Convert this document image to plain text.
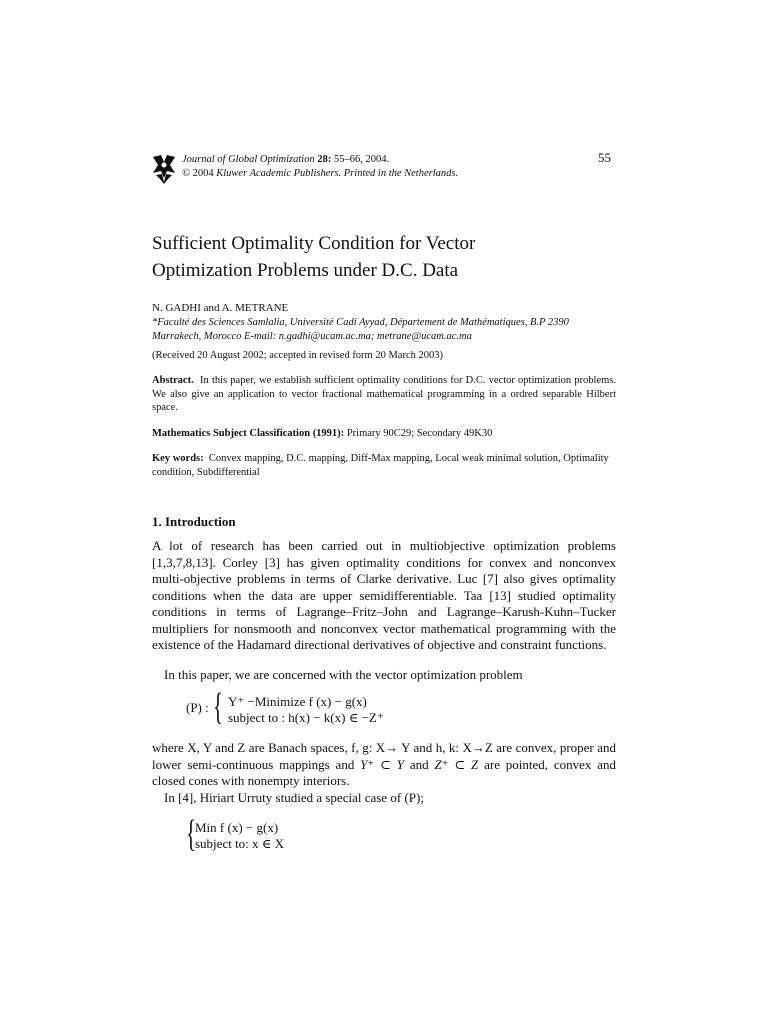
Journal of Global Optimization 28: 55–66, 2004.
© 2004 Kluwer Academic Publishers. Printed in the Netherlands.
55
Sufficient Optimality Condition for Vector
Optimization Problems under D.C. Data
N. GADHI and A. METRANE
*Faculté des Sciences Samlalia, Université Cadi Ayyad, Département de Mathématiques, B.P 2390
Marrakech, Morocco E-mail: n.gadhi@ucam.ac.ma; metrane@ucam.ac.ma
(Received 20 August 2002; accepted in revised form 20 March 2003)
Abstract. In this paper, we establish sufficient optimality conditions for D.C. vector optimization problems. We also give an application to vector fractional mathematical programming in a ordred separable Hilbert space.
Mathematics Subject Classification (1991): Primary 90C29; Secondary 49K30
Key words: Convex mapping, D.C. mapping, Diff-Max mapping, Local weak minimal solution, Optimality condition, Subdifferential
1. Introduction
A lot of research has been carried out in multiobjective optimization problems [1,3,7,8,13]. Corley [3] has given optimality conditions for convex and nonconvex multi-objective problems in terms of Clarke derivative. Luc [7] also gives optimality conditions when the data are upper semidifferentiable. Taa [13] studied optimality conditions in terms of Lagrange–Fritz–John and Lagrange–Karush-Kuhn–Tucker multipliers for nonsmooth and nonconvex vector mathematical programming with the existence of the Hadamard directional derivatives of objective and constraint functions.
In this paper, we are concerned with the vector optimization problem
(P) : { Y⁺ −Minimize f (x) − g(x)
subject to : h(x) − k(x) ∈ −Z⁺
where X, Y and Z are Banach spaces, f, g: X→ Y and h, k: X→Z are convex, proper and lower semi-continuous mappings and Y⁺ ⊂ Y and Z⁺ ⊂ Z are pointed, convex and closed cones with nonempty interiors.
In [4], Hiriart Urruty studied a special case of (P);
{
Min f (x) − g(x)
subject to: x ∈ X
